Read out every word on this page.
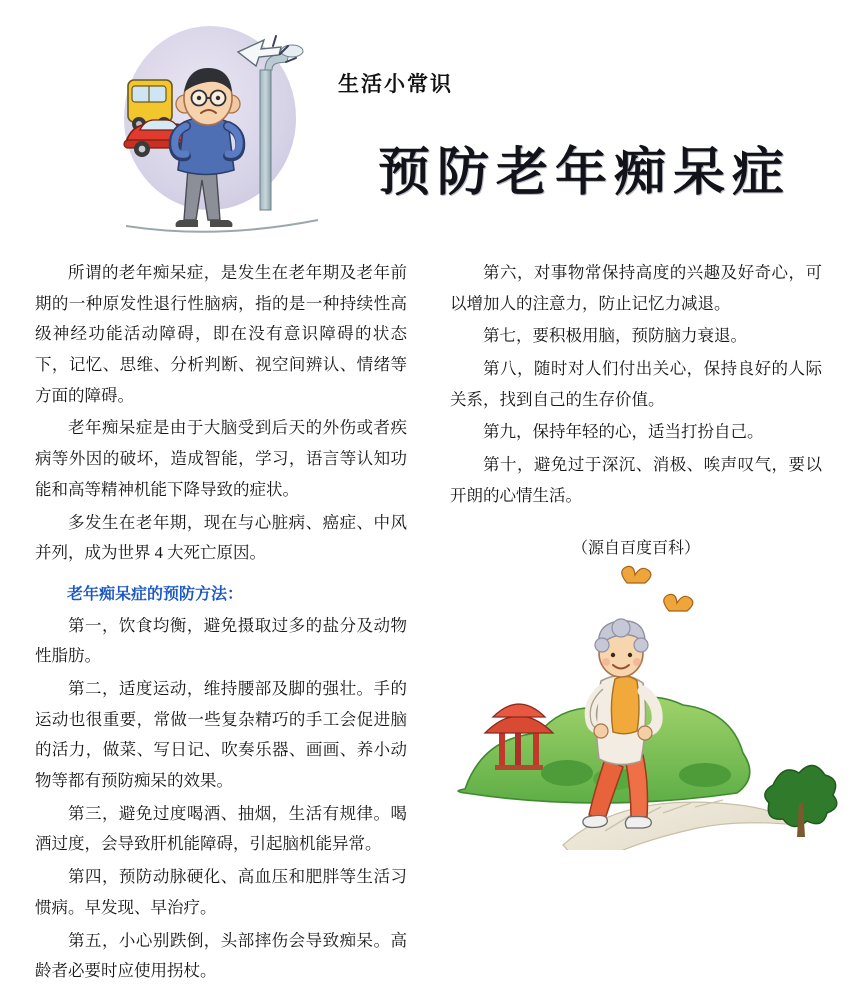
生活小常识
预防老年痴呆症

所谓的老年痴呆症，是发生在老年期及老年前期的一种原发性退行性脑病，指的是一种持续性高级神经功能活动障碍，即在没有意识障碍的状态下，记忆、思维、分析判断、视空间辨认、情绪等方面的障碍。

老年痴呆症是由于大脑受到后天的外伤或者疾病等外因的破坏，造成智能，学习，语言等认知功能和高等精神机能下降导致的症状。

多发生在老年期，现在与心脏病、癌症、中风并列，成为世界 4 大死亡原因。

老年痴呆症的预防方法：

第一，饮食均衡，避免摄取过多的盐分及动物性脂肪。

第二，适度运动，维持腰部及脚的强壮。手的运动也很重要，常做一些复杂精巧的手工会促进脑的活力，做菜、写日记、吹奏乐器、画画、养小动物等都有预防痴呆的效果。

第三，避免过度喝酒、抽烟，生活有规律。喝酒过度，会导致肝机能障碍，引起脑机能异常。

第四，预防动脉硬化、高血压和肥胖等生活习惯病。早发现、早治疗。

第五，小心别跌倒，头部摔伤会导致痴呆。高龄者必要时应使用拐杖。

第六，对事物常保持高度的兴趣及好奇心，可以增加人的注意力，防止记忆力减退。

第七，要积极用脑，预防脑力衰退。

第八，随时对人们付出关心，保持良好的人际关系，找到自己的生存价值。

第九，保持年轻的心，适当打扮自己。

第十，避免过于深沉、消极、唉声叹气，要以开朗的心情生活。

（源自百度百科）
